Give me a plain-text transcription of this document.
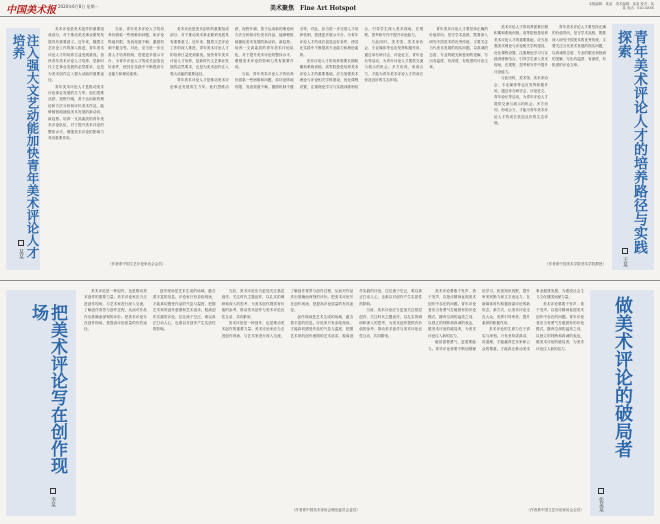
中国美术报 2020年6月8日 星期一	美术聚焦　Fine Art Hotspot
本版编辑：某某　美术编辑：某某 校对：某某 电话：010-XXXX
注入强大文艺动能加快青年美术评论人才培养
某某

美术评论是美术创作的重要组成部分，对于推动美术事业繁荣发展具有重要意义。近年来，随着文艺评论工作的深入推进，青年美术评论人才的培养日益受到重视。加快青年美术评论人才培养，是新时代文艺事业发展的必然要求，也是为美术创作注入强大动能的重要途径。

青年美术评论人才是推动美术评论事业发展的生力军。他们思维活跃、视野开阔，善于运用新的理论和方法分析和评价美术作品，能够敏锐地捕捉美术发展的新动向、新趋势。培养一支高素质的青年美术评论队伍，对于提升美术评论的整体水平、增强美术评论的影响力具有重要作用。

当前，青年美术评论人才的培养仍面临一些困难和问题，如评论阵地有限、发表渠道不畅、激励机制不健全等。对此，应当进一步完善人才培养机制，搭建更多展示平台，为青年评论人才的成长创造良好条件，使其在实践中不断提高专业能力和理论素养。

（作者系中国文艺评论家协会会员）
青年美术评论人才的培养路径与实践探索
王某

美术评论人才的培养需要长期积累和系统训练。高等院校是培养美术评论人才的重要基地，应当加强美术理论与评论相关学科建设，优化课程设置，注重理论学习与实践训练相结合，引导学生深入美术现场，在观察、思考和写作中提升评论能力。

与此同时，美术馆、美术家协会、专业媒体等也应发挥积极作用，通过举办研讨会、评论征文、青年论坛等活动，为青年评论人才提供交流与展示的机会。多方协同、形成合力，才能为青年美术评论人才的成长营造良好的生态环境。

青年美术评论人才要坚持正确的价值导向，坚守学术品格，既要深入研究中国美术的优秀传统，又要关注当代美术发展的现实问题，以真诚的态度、专业的眼光和独到的见解，写出有温度、有深度、有锐度的评论文章。

（作者系中国美术学院美术学院教授）

美术评论是美术创作的重要组成部分，对于推动美术事业繁荣发展具有重要意义。近年来，随着文艺评论工作的深入推进，青年美术评论人才的培养日益受到重视。加快青年美术评论人才培养，是新时代文艺事业发展的必然要求，也是为美术创作注入强大动能的重要途径。

青年美术评论人才是推动美术评论事业发展的生力军。他们思维活跃、视野开阔，善于运用新的理论和方法分析和评价美术作品，能够敏锐地捕捉美术发展的新动向、新趋势。培养一支高素质的青年美术评论队伍，对于提升美术评论的整体水平、增强美术评论的影响力具有重要作用。

当前，青年美术评论人才的培养仍面临一些困难和问题，如评论阵地有限、发表渠道不畅、激励机制不健全等。对此，应当进一步完善人才培养机制，搭建更多展示平台，为青年评论人才的成长创造良好条件，使其在实践中不断提高专业能力和理论素养。

美术评论人才的培养需要长期积累和系统训练。高等院校是培养美术评论人才的重要基地，应当加强美术理论与评论相关学科建设，优化课程设置，注重理论学习与实践训练相结合，引导学生深入美术现场，在观察、思考和写作中提升评论能力。

与此同时，美术馆、美术家协会、专业媒体等也应发挥积极作用，通过举办研讨会、评论征文、青年论坛等活动，为青年评论人才提供交流与展示的机会。多方协同、形成合力，才能为青年美术评论人才的成长营造良好的生态环境。

青年美术评论人才要坚持正确的价值导向，坚守学术品格，既要深入研究中国美术的优秀传统，又要关注当代美术发展的现实问题，以真诚的态度、专业的眼光和独到的见解，写出有温度、有深度、有锐度的评论文章。

把美术评论写在创作现场
李某

美术评论是一种创作，也是推动美术创作的重要力量。美术评论家应当走进创作现场，与艺术家进行深入交流，了解创作背景与创作过程，从而对作品作出准确而深刻的评价。把美术评论写在创作现场，是提高评论质量的有效途径。

创作现场是艺术生成的场域，蕴含着丰富的信息。评论家只有亲临现场，才能真切感受作品的气息与温度，把握艺术家的创作意图和艺术追求。脱离创作实践的评论，往往流于空泛，难以真正打动人心，也难以对创作产生实质性的影响。

当前，美术评论应当更加关注基层创作、关注时代主题创作，以扎实的调研和深入的思考，为美术创作提供有价值的参考，推动美术创作与美术评论良性互动、共同繁荣。

美术评论是一种创作，也是推动美术创作的重要力量。美术评论家应当走进创作现场，与艺术家进行深入交流，了解创作背景与创作过程，从而对作品作出准确而深刻的评价。把美术评论写在创作现场，是提高评论质量的有效途径。

创作现场是艺术生成的场域，蕴含着丰富的信息。评论家只有亲临现场，才能真切感受作品的气息与温度，把握艺术家的创作意图和艺术追求。脱离创作实践的评论，往往流于空泛，难以真正打动人心，也难以对创作产生实质性的影响。

当前，美术评论应当更加关注基层创作、关注时代主题创作，以扎实的调研和深入的思考，为美术创作提供有价值的参考，推动美术创作与美术评论良性互动、共同繁荣。

（作者系中国美术家协会理论委员会委员）
做美术评论的破局者
张某某

美术评论要敢于发声、善于发声，以批评精神直面美术创作中存在的问题。青年评论者应当有勇气打破固有的评论模式，摒弃空洞的溢美之词，以独立的判断和真诚的表达，做美术评论的破局者，为美术评论注入新的活力。

破局需要勇气，更需要能力。青年评论者要不断加强理论学习，拓宽知识视野，提升审美判断力和文字表达力，在新媒体时代积极探索评论的新形态、新方式，让美术评论走近大众，发挥引导审美、提升素养的积极作用。

美术评论的生命力在于真实与深刻。只有坚持讲真话、讲道理，才能赢得艺术家和公众的尊重，才能真正推动美术事业健康发展，为建设社会主义文化强国贡献力量。

美术评论要敢于发声、善于发声，以批评精神直面美术创作中存在的问题。青年评论者应当有勇气打破固有的评论模式，摒弃空洞的溢美之词，以独立的判断和真诚的表达，做美术评论的破局者，为美术评论注入新的活力。

（作者系中国文艺评论家协会会员）
